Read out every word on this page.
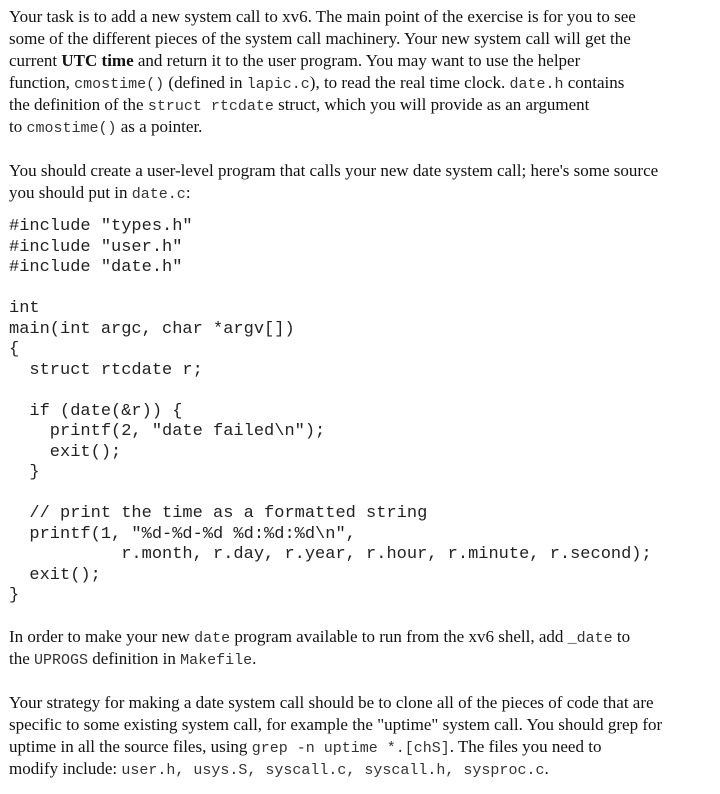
Your task is to add a new system call to xv6. The main point of the exercise is for you to see
some of the different pieces of the system call machinery. Your new system call will get the
current UTC time and return it to the user program. You may want to use the helper
function, cmostime() (defined in lapic.c), to read the real time clock. date.h contains
the definition of the struct rtcdate struct, which you will provide as an argument
to cmostime() as a pointer.
You should create a user-level program that calls your new date system call; here's some source
you should put in date.c:
#include "types.h"
#include "user.h"
#include "date.h"
int
main(int argc, char *argv[])
{
struct rtcdate r;
if (date(&r)) {
printf(2, "date failed\n");
exit();
}
// print the time as a formatted string
printf(1, "%d-%d-%d %d:%d:%d\n",
r.month, r.day, r.year, r.hour, r.minute, r.second);
exit();
}
In order to make your new date program available to run from the xv6 shell, add _date to
the UPROGS definition in Makefile.
Your strategy for making a date system call should be to clone all of the pieces of code that are
specific to some existing system call, for example the "uptime" system call. You should grep for
uptime in all the source files, using grep -n uptime *.[chS]. The files you need to
modify include: user.h, usys.S, syscall.c, syscall.h, sysproc.c.
